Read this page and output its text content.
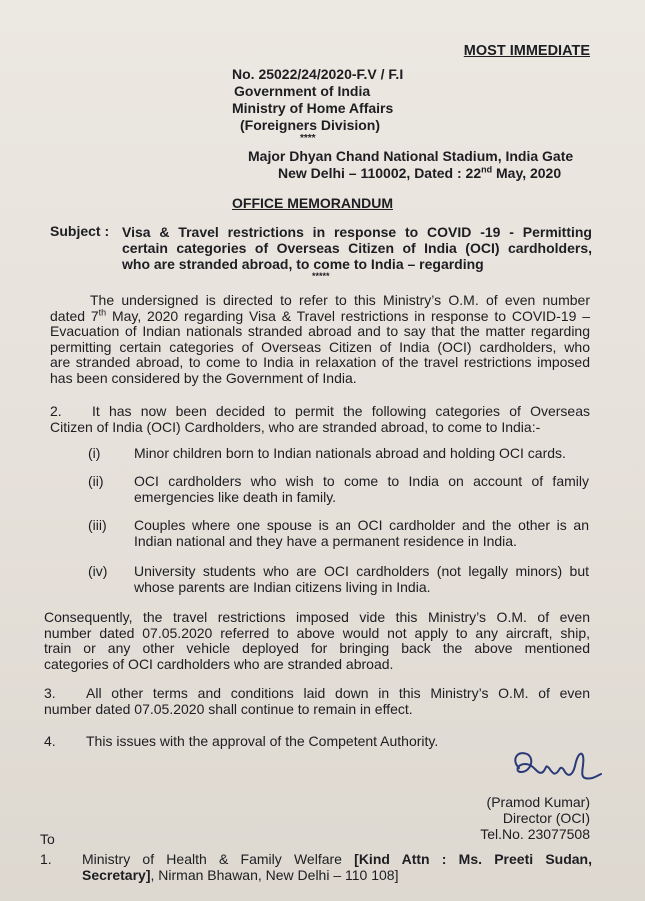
MOST IMMEDIATE
No. 25022/24/2020-F.V / F.I
Government of India
Ministry of Home Affairs
(Foreigners Division)
****
Major Dhyan Chand National Stadium, India Gate
New Delhi – 110002, Dated : 22nd May, 2020
OFFICE MEMORANDUM
Subject : Visa & Travel restrictions in response to COVID -19 - Permitting
certain categories of Overseas Citizen of India (OCI) cardholders,
who are stranded abroad, to come to India – regarding
*****
The undersigned is directed to refer to this Ministry’s O.M. of even number
dated 7th May, 2020 regarding Visa & Travel restrictions in response to COVID-19 –
Evacuation of Indian nationals stranded abroad and to say that the matter regarding
permitting certain categories of Overseas Citizen of India (OCI) cardholders, who
are stranded abroad, to come to India in relaxation of the travel restrictions imposed
has been considered by the Government of India.
2.	It has now been decided to permit the following categories of Overseas
Citizen of India (OCI) Cardholders, who are stranded abroad, to come to India:-
(i)	Minor children born to Indian nationals abroad and holding OCI cards.
(ii)	OCI cardholders who wish to come to India on account of family
emergencies like death in family.
(iii)	Couples where one spouse is an OCI cardholder and the other is an
Indian national and they have a permanent residence in India.
(iv)	University students who are OCI cardholders (not legally minors) but
whose parents are Indian citizens living in India.
Consequently, the travel restrictions imposed vide this Ministry’s O.M. of even
number dated 07.05.2020 referred to above would not apply to any aircraft, ship,
train or any other vehicle deployed for bringing back the above mentioned
categories of OCI cardholders who are stranded abroad.
3.	All other terms and conditions laid down in this Ministry’s O.M. of even
number dated 07.05.2020 shall continue to remain in effect.
4. This issues with the approval of the Competent Authority.
(Pramod Kumar)
Director (OCI)
Tel.No. 23077508
To
1. Ministry of Health & Family Welfare [Kind Attn : Ms. Preeti Sudan,
Secretary], Nirman Bhawan, New Delhi – 110 108]
